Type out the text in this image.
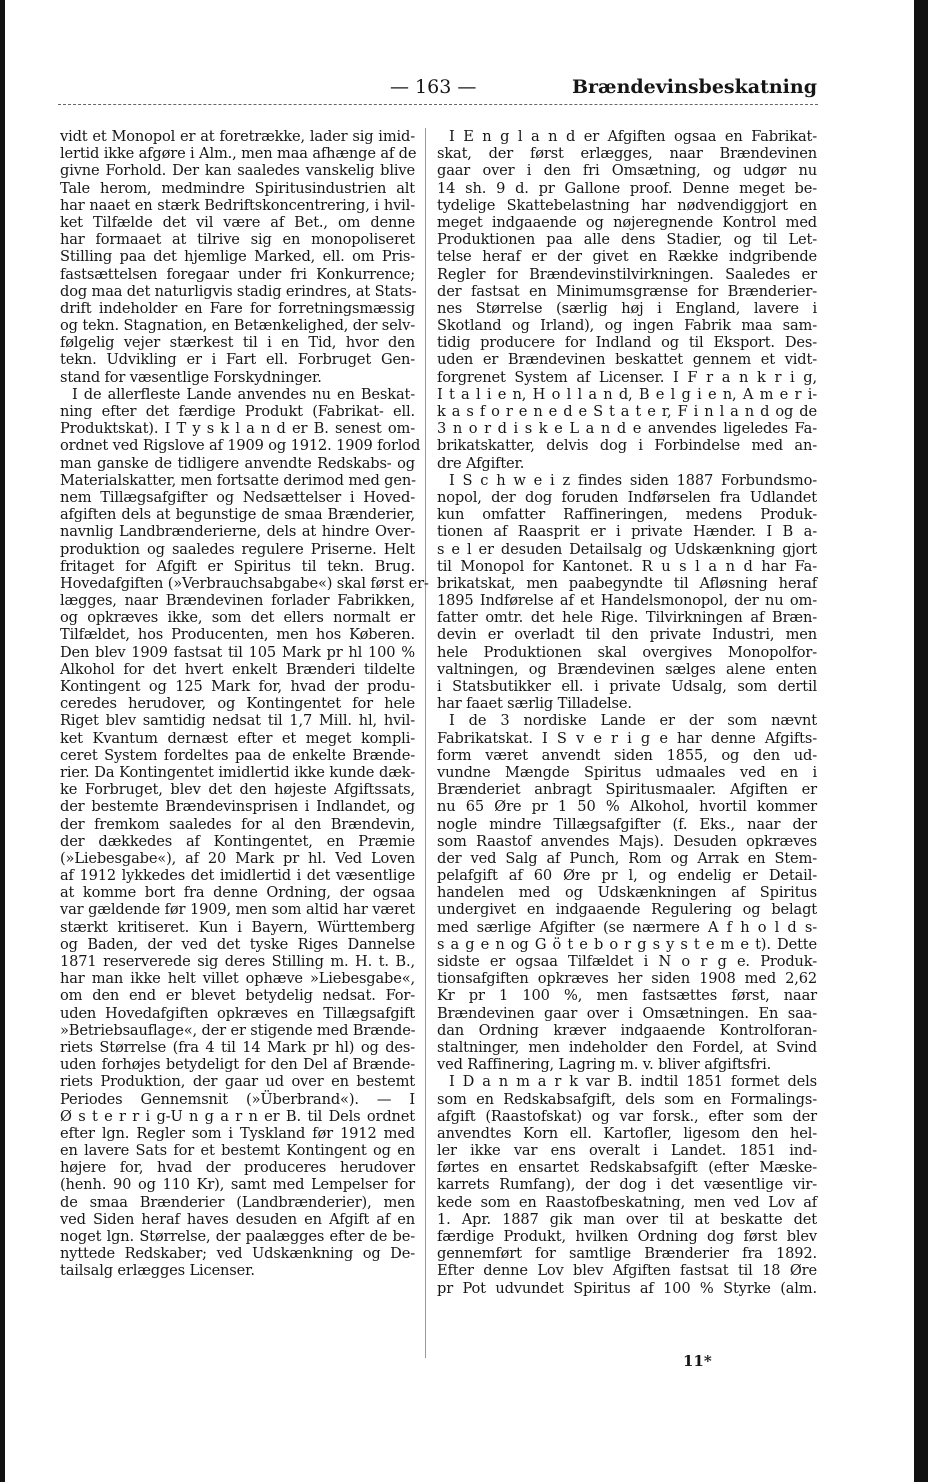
— 163 —	Brændevinsbeskatning
vidt et Monopol er at foretrække, lader sig imid-
lertid ikke afgøre i Alm., men maa afhænge af de
givne Forhold. Der kan saaledes vanskelig blive
Tale herom, medmindre Spiritusindustrien alt
har naaet en stærk Bedriftskoncentrering, i hvil-
ket Tilfælde det vil være af Bet., om denne
har formaaet at tilrive sig en monopoliseret
Stilling paa det hjemlige Marked, ell. om Pris-
fastsættelsen foregaar under fri Konkurrence;
dog maa det naturligvis stadig erindres, at Stats-
drift indeholder en Fare for forretningsmæssig
og tekn. Stagnation, en Betænkelighed, der selv-
følgelig vejer stærkest til i en Tid, hvor den
tekn. Udvikling er i Fart ell. Forbruget Gen-
stand for væsentlige Forskydninger.
I de allerfleste Lande anvendes nu en Beskat-
ning efter det færdige Produkt (Fabrikat- ell.
Produktskat). I T y s k l a n d er B. senest om-
ordnet ved Rigslove af 1909 og 1912. 1909 forlod
man ganske de tidligere anvendte Redskabs- og
Materialskatter, men fortsatte derimod med gen-
nem Tillægsafgifter og Nedsættelser i Hoved-
afgiften dels at begunstige de smaa Brænderier,
navnlig Landbrænderierne, dels at hindre Over-
produktion og saaledes regulere Priserne. Helt
fritaget for Afgift er Spiritus til tekn. Brug.
Hovedafgiften (»Verbrauchsabgabe«) skal først er-
lægges, naar Brændevinen forlader Fabrikken,
og opkræves ikke, som det ellers normalt er
Tilfældet, hos Producenten, men hos Køberen.
Den blev 1909 fastsat til 105 Mark pr hl 100 %
Alkohol for det hvert enkelt Brænderi tildelte
Kontingent og 125 Mark for, hvad der produ-
ceredes herudover, og Kontingentet for hele
Riget blev samtidig nedsat til 1,7 Mill. hl, hvil-
ket Kvantum dernæst efter et meget kompli-
ceret System fordeltes paa de enkelte Brænde-
rier. Da Kontingentet imidlertid ikke kunde dæk-
ke Forbruget, blev det den højeste Afgiftssats,
der bestemte Brændevinsprisen i Indlandet, og
der fremkom saaledes for al den Brændevin,
der dækkedes af Kontingentet, en Præmie
(»Liebesgabe«), af 20 Mark pr hl. Ved Loven
af 1912 lykkedes det imidlertid i det væsentlige
at komme bort fra denne Ordning, der ogsaa
var gældende før 1909, men som altid har været
stærkt kritiseret. Kun i Bayern, Württemberg
og Baden, der ved det tyske Riges Dannelse
1871 reserverede sig deres Stilling m. H. t. B.,
har man ikke helt villet ophæve »Liebesgabe«,
om den end er blevet betydelig nedsat. For-
uden Hovedafgiften opkræves en Tillægsafgift
»Betriebsauflage«, der er stigende med Brænde-
riets Størrelse (fra 4 til 14 Mark pr hl) og des-
uden forhøjes betydeligt for den Del af Brænde-
riets Produktion, der gaar ud over en bestemt
Periodes Gennemsnit (»Überbrand«). — I
Ø s t e r r i g-U n g a r n er B. til Dels ordnet
efter lgn. Regler som i Tyskland før 1912 med
en lavere Sats for et bestemt Kontingent og en
højere for, hvad der produceres herudover
(henh. 90 og 110 Kr), samt med Lempelser for
de smaa Brænderier (Landbrænderier), men
ved Siden heraf haves desuden en Afgift af en
noget lgn. Størrelse, der paalægges efter de be-
nyttede Redskaber; ved Udskænkning og De-
tailsalg erlægges Licenser.
I E n g l a n d er Afgiften ogsaa en Fabrikat-
skat, der først erlægges, naar Brændevinen
gaar over i den fri Omsætning, og udgør nu
14 sh. 9 d. pr Gallone proof. Denne meget be-
tydelige Skattebelastning har nødvendiggjort en
meget indgaaende og nøjeregnende Kontrol med
Produktionen paa alle dens Stadier, og til Let-
telse heraf er der givet en Række indgribende
Regler for Brændevinstilvirkningen. Saaledes er
der fastsat en Minimumsgrænse for Brænderier-
nes Størrelse (særlig høj i England, lavere i
Skotland og Irland), og ingen Fabrik maa sam-
tidig producere for Indland og til Eksport. Des-
uden er Brændevinen beskattet gennem et vidt-
forgrenet System af Licenser. I F r a n k r i g,
I t a l i e n, H o l l a n d, B e l g i e n, A m e r i-
k a s f o r e n e d e S t a t e r, F i n l a n d og de
3 n o r d i s k e L a n d e anvendes ligeledes Fa-
brikatskatter, delvis dog i Forbindelse med an-
dre Afgifter.
I S c h w e i z findes siden 1887 Forbundsmo-
nopol, der dog foruden Indførselen fra Udlandet
kun omfatter Raffineringen, medens Produk-
tionen af Raasprit er i private Hænder. I B a-
s e l er desuden Detailsalg og Udskænkning gjort
til Monopol for Kantonet. R u s l a n d har Fa-
brikatskat, men paabegyndte til Afløsning heraf
1895 Indførelse af et Handelsmonopol, der nu om-
fatter omtr. det hele Rige. Tilvirkningen af Bræn-
devin er overladt til den private Industri, men
hele Produktionen skal overgives Monopolfor-
valtningen, og Brændevinen sælges alene enten
i Statsbutikker ell. i private Udsalg, som dertil
har faaet særlig Tilladelse.
I de 3 nordiske Lande er der som nævnt
Fabrikatskat. I S v e r i g e har denne Afgifts-
form været anvendt siden 1855, og den ud-
vundne Mængde Spiritus udmaales ved en i
Brænderiet anbragt Spiritusmaaler. Afgiften er
nu 65 Øre pr 1 50 % Alkohol, hvortil kommer
nogle mindre Tillægsafgifter (f. Eks., naar der
som Raastof anvendes Majs). Desuden opkræves
der ved Salg af Punch, Rom og Arrak en Stem-
pelafgift af 60 Øre pr l, og endelig er Detail-
handelen med og Udskænkningen af Spiritus
undergivet en indgaaende Regulering og belagt
med særlige Afgifter (se nærmere A f h o l d s-
s a g e n og G ö t e b o r g s y s t e m e t). Dette
sidste er ogsaa Tilfældet i N o r g e. Produk-
tionsafgiften opkræves her siden 1908 med 2,62
Kr pr 1 100 %, men fastsættes først, naar
Brændevinen gaar over i Omsætningen. En saa-
dan Ordning kræver indgaaende Kontrolforan-
staltninger, men indeholder den Fordel, at Svind
ved Raffinering, Lagring m. v. bliver afgiftsfri.
I D a n m a r k var B. indtil 1851 formet dels
som en Redskabsafgift, dels som en Formalings-
afgift (Raastofskat) og var forsk., efter som der
anvendtes Korn ell. Kartofler, ligesom den hel-
ler ikke var ens overalt i Landet. 1851 ind-
førtes en ensartet Redskabsafgift (efter Mæske-
karrets Rumfang), der dog i det væsentlige vir-
kede som en Raastofbeskatning, men ved Lov af
1. Apr. 1887 gik man over til at beskatte det
færdige Produkt, hvilken Ordning dog først blev
gennemført for samtlige Brænderier fra 1892.
Efter denne Lov blev Afgiften fastsat til 18 Øre
pr Pot udvundet Spiritus af 100 % Styrke (alm.
11*
